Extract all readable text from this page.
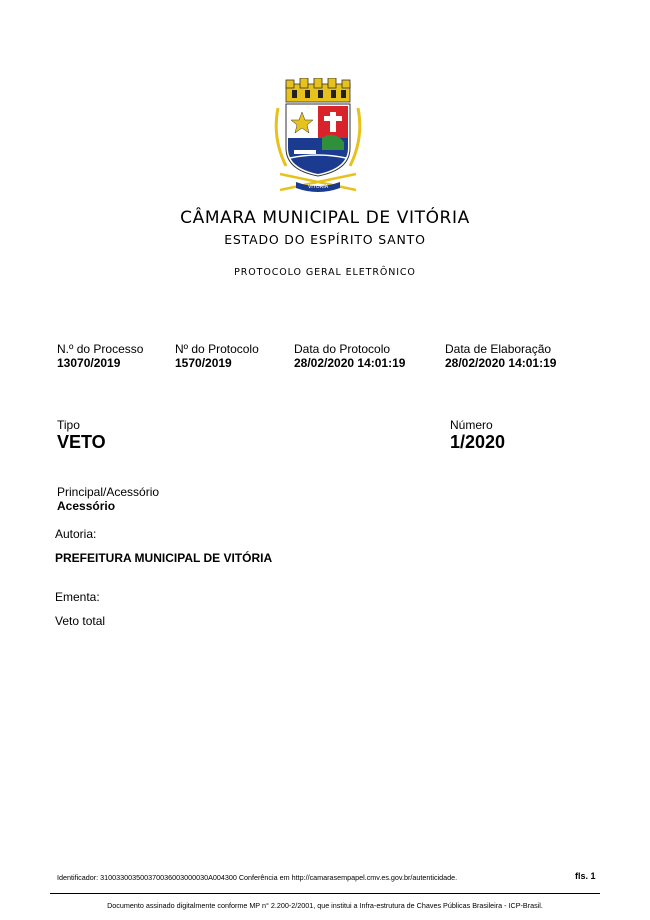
VITÓRIA
CÂMARA MUNICIPAL DE VITÓRIA
ESTADO DO ESPÍRITO SANTO
PROTOCOLO GERAL ELETRÔNICO
N.º do Processo
13070/2019
Nº do Protocolo
1570/2019
Data do Protocolo
28/02/2020 14:01:19
Data de Elaboração
28/02/2020 14:01:19
Tipo
VETO
Número
1/2020
Principal/Acessório
Acessório
Autoria:
PREFEITURA MUNICIPAL DE VITÓRIA
Ementa:
Veto total
Identificador: 310033003500370036003000030A004300 Conferência em http://camarasempapel.cmv.es.gov.br/autenticidade.	fls. 1
Documento assinado digitalmente conforme MP n° 2.200-2/2001, que institui a Infra-estrutura de Chaves Públicas Brasileira - ICP-Brasil.
